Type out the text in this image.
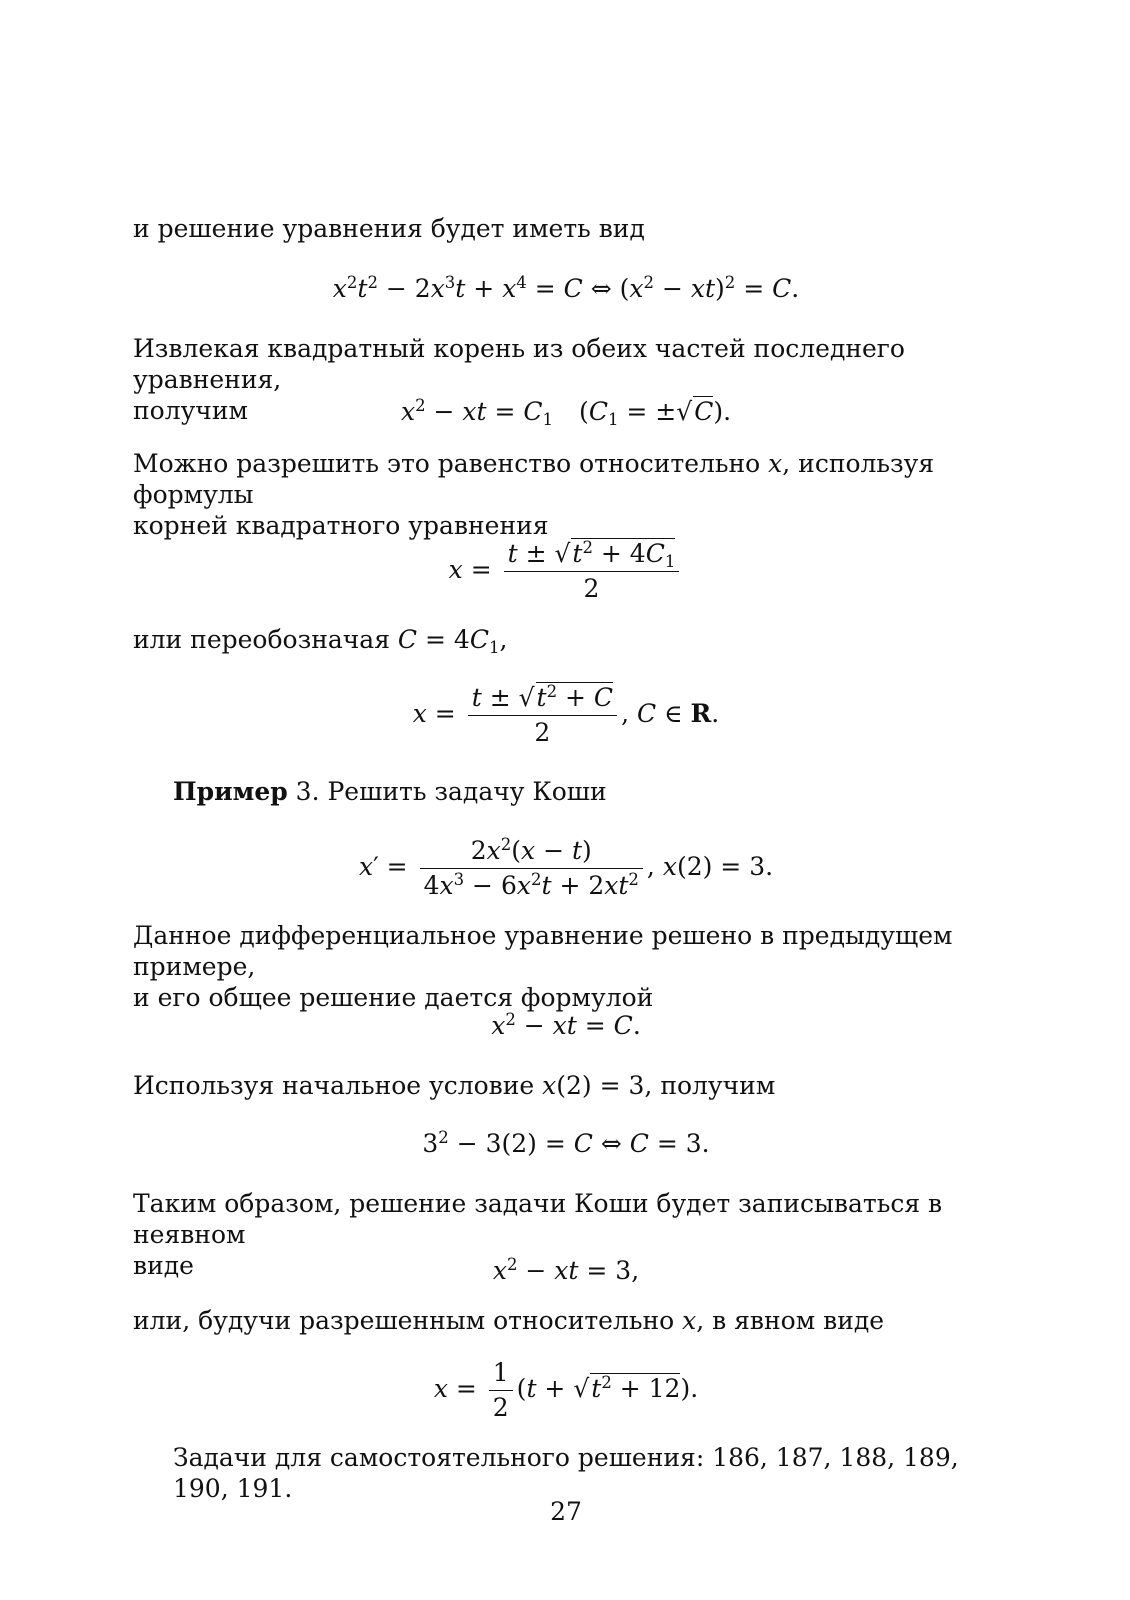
и решение уравнения будет иметь вид
$x^2t^2 - 2x^3t + x^4 = C$ ⇔ $(x^2 - xt)^2 = C$.
Извлекая квадратный корень из обеих частей последнего уравнения,
получим	$x^2$ − xt = $C_1$ $(C_1 = \pm√C)$.
Можно разрешить это равенство относительно x, используя формулы
корней квадратного уравнения
$x = \frac{t \pm √t^2 + 4C_1}{2}$
или переобозначая $C = 4C_1$,
$x = \frac{t \pm √t^2 + C}{2}$ , C ∈ R.
Пример 3. Решить задачу Коши
$x' = \frac{2x^2(x - t)}{4x^3 - 6x^2t + 2xt^2}$ , x(2) = 3.
Данное дифференциальное уравнение решено в предыдущем примере,
и его общее решение дается формулой
$x^2$ − xt = C.
Используя начальное условие x(2) = 3, получим
$3^2 - 3(2) = C$ ⇔ C = 3.
Таким образом, решение задачи Коши будет записываться в неявном
виде	$x^2$ − xt = 3,
или, будучи разрешенным относительно x, в явном виде
$x = \frac{1}{2} (t + √t^2 + 12)$.
Задачи для самостоятельного решения: 186, 187, 188, 189, 190, 191.
27
